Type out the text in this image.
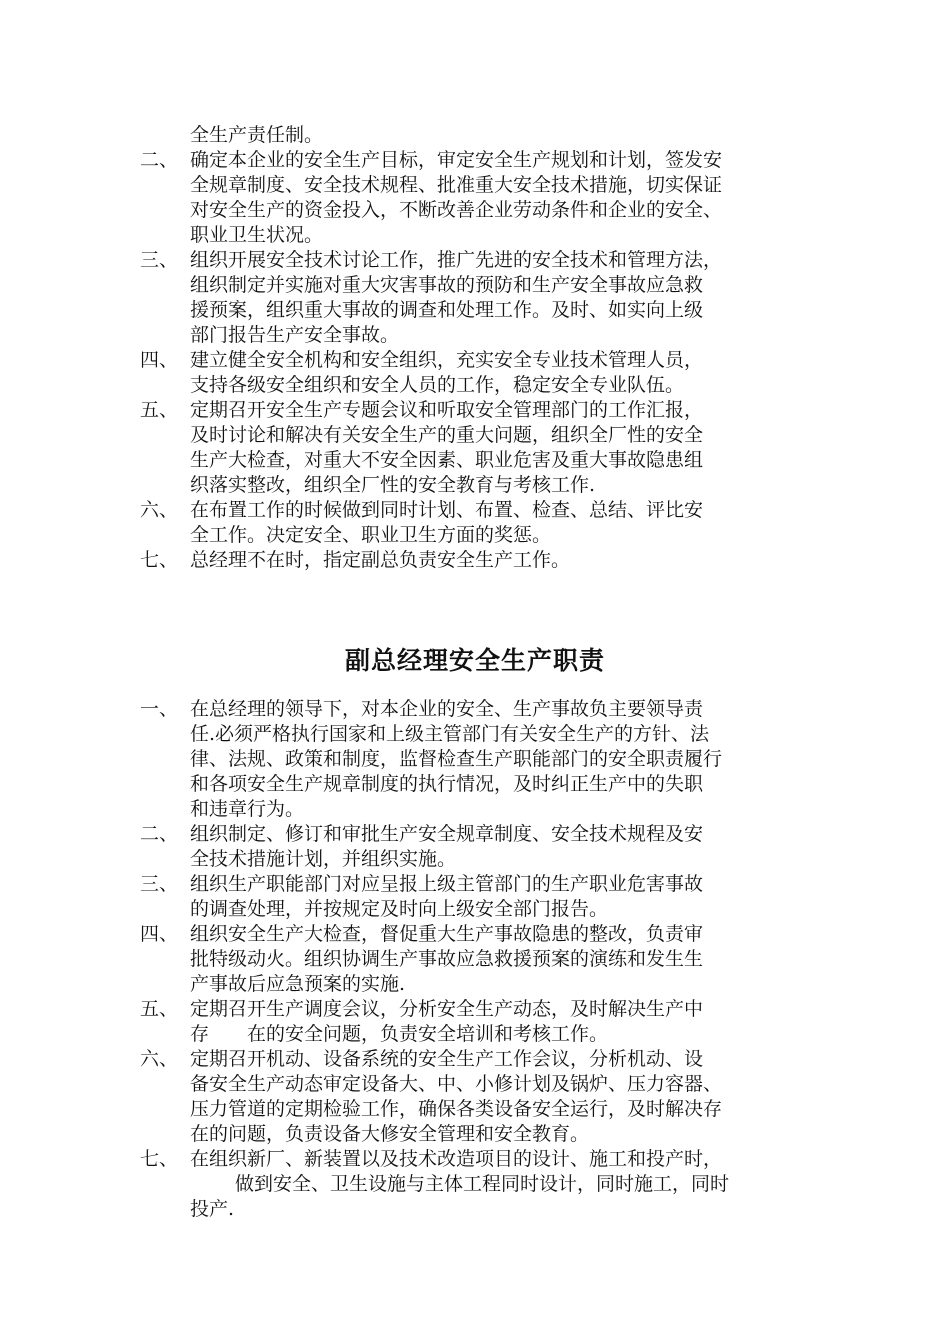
全生产责任制。
二、 确定本企业的安全生产目标，审定安全生产规划和计划，签发安
全规章制度、安全技术规程、批准重大安全技术措施，切实保证
对安全生产的资金投入，不断改善企业劳动条件和企业的安全、
职业卫生状况。
三、 组织开展安全技术讨论工作，推广先进的安全技术和管理方法，
组织制定并实施对重大灾害事故的预防和生产安全事故应急救
援预案，组织重大事故的调查和处理工作。及时、如实向上级
部门报告生产安全事故。
四、 建立健全安全机构和安全组织，充实安全专业技术管理人员，
支持各级安全组织和安全人员的工作，稳定安全专业队伍。
五、 定期召开安全生产专题会议和听取安全管理部门的工作汇报，
及时讨论和解决有关安全生产的重大问题，组织全厂性的安全
生产大检查，对重大不安全因素、职业危害及重大事故隐患组
织落实整改，组织全厂性的安全教育与考核工作.
六、 在布置工作的时候做到同时计划、布置、检查、总结、评比安
全工作。决定安全、职业卫生方面的奖惩。
七、 总经理不在时，指定副总负责安全生产工作。
副总经理安全生产职责
一、 在总经理的领导下，对本企业的安全、生产事故负主要领导责
任.必须严格执行国家和上级主管部门有关安全生产的方针、法
律、法规、政策和制度，监督检查生产职能部门的安全职责履行
和各项安全生产规章制度的执行情况，及时纠正生产中的失职
和违章行为。
二、 组织制定、修订和审批生产安全规章制度、安全技术规程及安
全技术措施计划，并组织实施。
三、 组织生产职能部门对应呈报上级主管部门的生产职业危害事故
的调查处理，并按规定及时向上级安全部门报告。
四、 组织安全生产大检查，督促重大生产事故隐患的整改，负责审
批特级动火。组织协调生产事故应急救援预案的演练和发生生
产事故后应急预案的实施.
五、 定期召开生产调度会议，分析安全生产动态，及时解决生产中
存　　在的安全问题，负责安全培训和考核工作。
六、 定期召开机动、设备系统的安全生产工作会议，分析机动、设
备安全生产动态审定设备大、中、小修计划及锅炉、压力容器、
压力管道的定期检验工作，确保各类设备安全运行，及时解决存
在的问题，负责设备大修安全管理和安全教育。
七、 在组织新厂、新装置以及技术改造项目的设计、施工和投产时，
做到安全、卫生设施与主体工程同时设计，同时施工，同时
投产.
